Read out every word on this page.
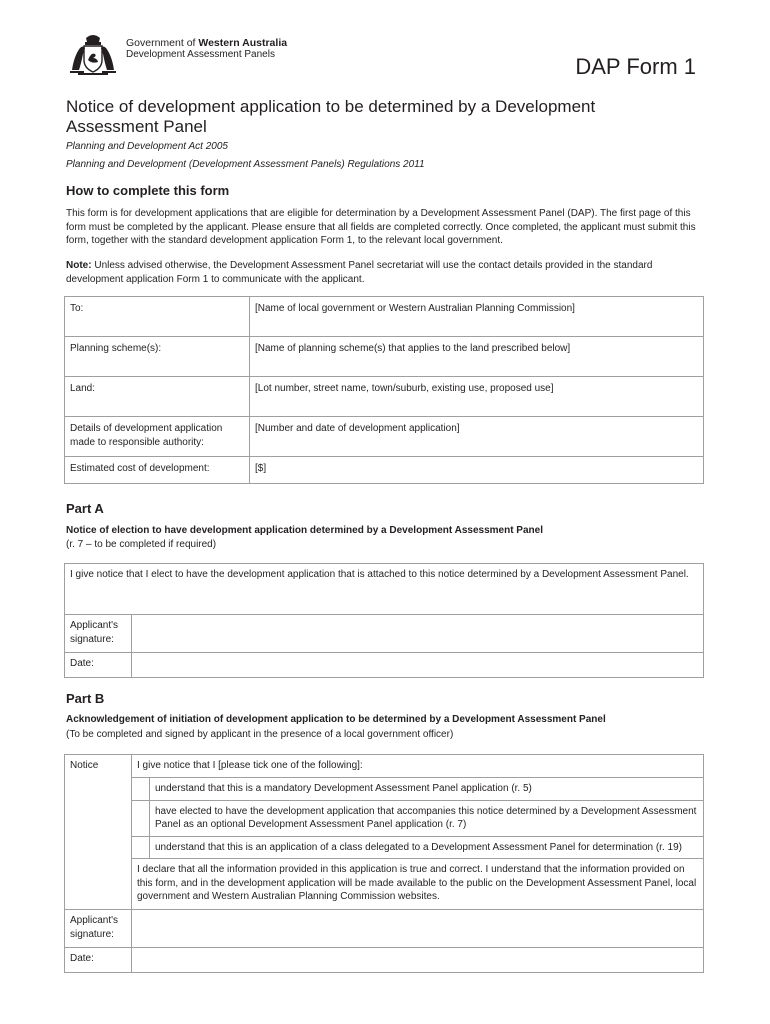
Government of Western Australia
Development Assessment Panels	DAP Form 1
Notice of development application to be determined by a Development Assessment Panel
Planning and Development Act 2005
Planning and Development (Development Assessment Panels) Regulations 2011
How to complete this form
This form is for development applications that are eligible for determination by a Development Assessment Panel (DAP). The first page of this form must be completed by the applicant. Please ensure that all fields are completed correctly. Once completed, the applicant must submit this form, together with the standard development application Form 1, to the relevant local government.
Note: Unless advised otherwise, the Development Assessment Panel secretariat will use the contact details provided in the standard development application Form 1 to communicate with the applicant.
To:	[Name of local government or Western Australian Planning Commission]
Planning scheme(s):	[Name of planning scheme(s) that applies to the land prescribed below]
Land:	[Lot number, street name, town/suburb, existing use, proposed use]
Details of development application made to responsible authority:	[Number and date of development application]
Estimated cost of development:	[$]
Part A
Notice of election to have development application determined by a Development Assessment Panel
(r. 7 – to be completed if required)
I give notice that I elect to have the development application that is attached to this notice determined by a Development Assessment Panel.	
Applicant's signature:	
Date:	
Part B
Acknowledgement of initiation of development application to be determined by a Development Assessment Panel
(To be completed and signed by applicant in the presence of a local government officer)
Notice	I give notice that I [please tick one of the following]:	

		understand that this is a mandatory Development Assessment Panel application (r. 5)

		have elected to have the development application that accompanies this notice determined by a Development Assessment Panel as an optional Development Assessment Panel application (r. 7)

		understand that this is an application of a class delegated to a Development Assessment Panel for determination (r. 19)
	I declare that all the information provided in this application is true and correct. I understand that the information provided on this form, and in the development application will be made available to the public on the Development Assessment Panel, local government and Western Australian Planning Commission websites.	
Applicant's signature:		
Date:		
